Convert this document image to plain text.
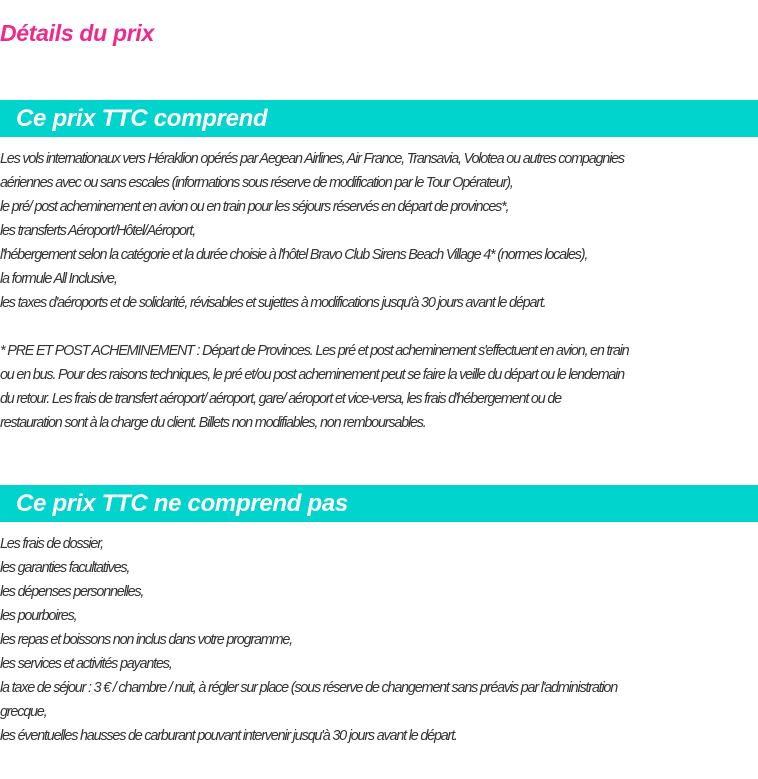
Détails du prix
Ce prix TTC comprend
Les vols internationaux vers Héraklion opérés par Aegean Airlines, Air France, Transavia, Volotea ou autres compagnies
aériennes avec ou sans escales (informations sous réserve de modification par le Tour Opérateur),
le pré/ post acheminement en avion ou en train pour les séjours réservés en départ de provinces*,
les transferts Aéroport/Hôtel/Aéroport,
l'hébergement selon la catégorie et la durée choisie à l'hôtel Bravo Club Sirens Beach Village 4* (normes locales),
la formule All Inclusive,
les taxes d'aéroports et de solidarité, révisables et sujettes à modifications jusqu'à 30 jours avant le départ.
* PRE ET POST ACHEMINEMENT : Départ de Provinces. Les pré et post acheminement s'effectuent en avion, en train
ou en bus. Pour des raisons techniques, le pré et/ou post acheminement peut se faire la veille du départ ou le lendemain
du retour. Les frais de transfert aéroport/ aéroport, gare/ aéroport et vice-versa, les frais d'hébergement ou de
restauration sont à la charge du client. Billets non modifiables, non remboursables.
Ce prix TTC ne comprend pas
Les frais de dossier,
les garanties facultatives,
les dépenses personnelles,
les pourboires,
les repas et boissons non inclus dans votre programme,
les services et activités payantes,
la taxe de séjour : 3 € / chambre / nuit, à régler sur place (sous réserve de changement sans préavis par l'administration
grecque,
les éventuelles hausses de carburant pouvant intervenir jusqu'à 30 jours avant le départ.
